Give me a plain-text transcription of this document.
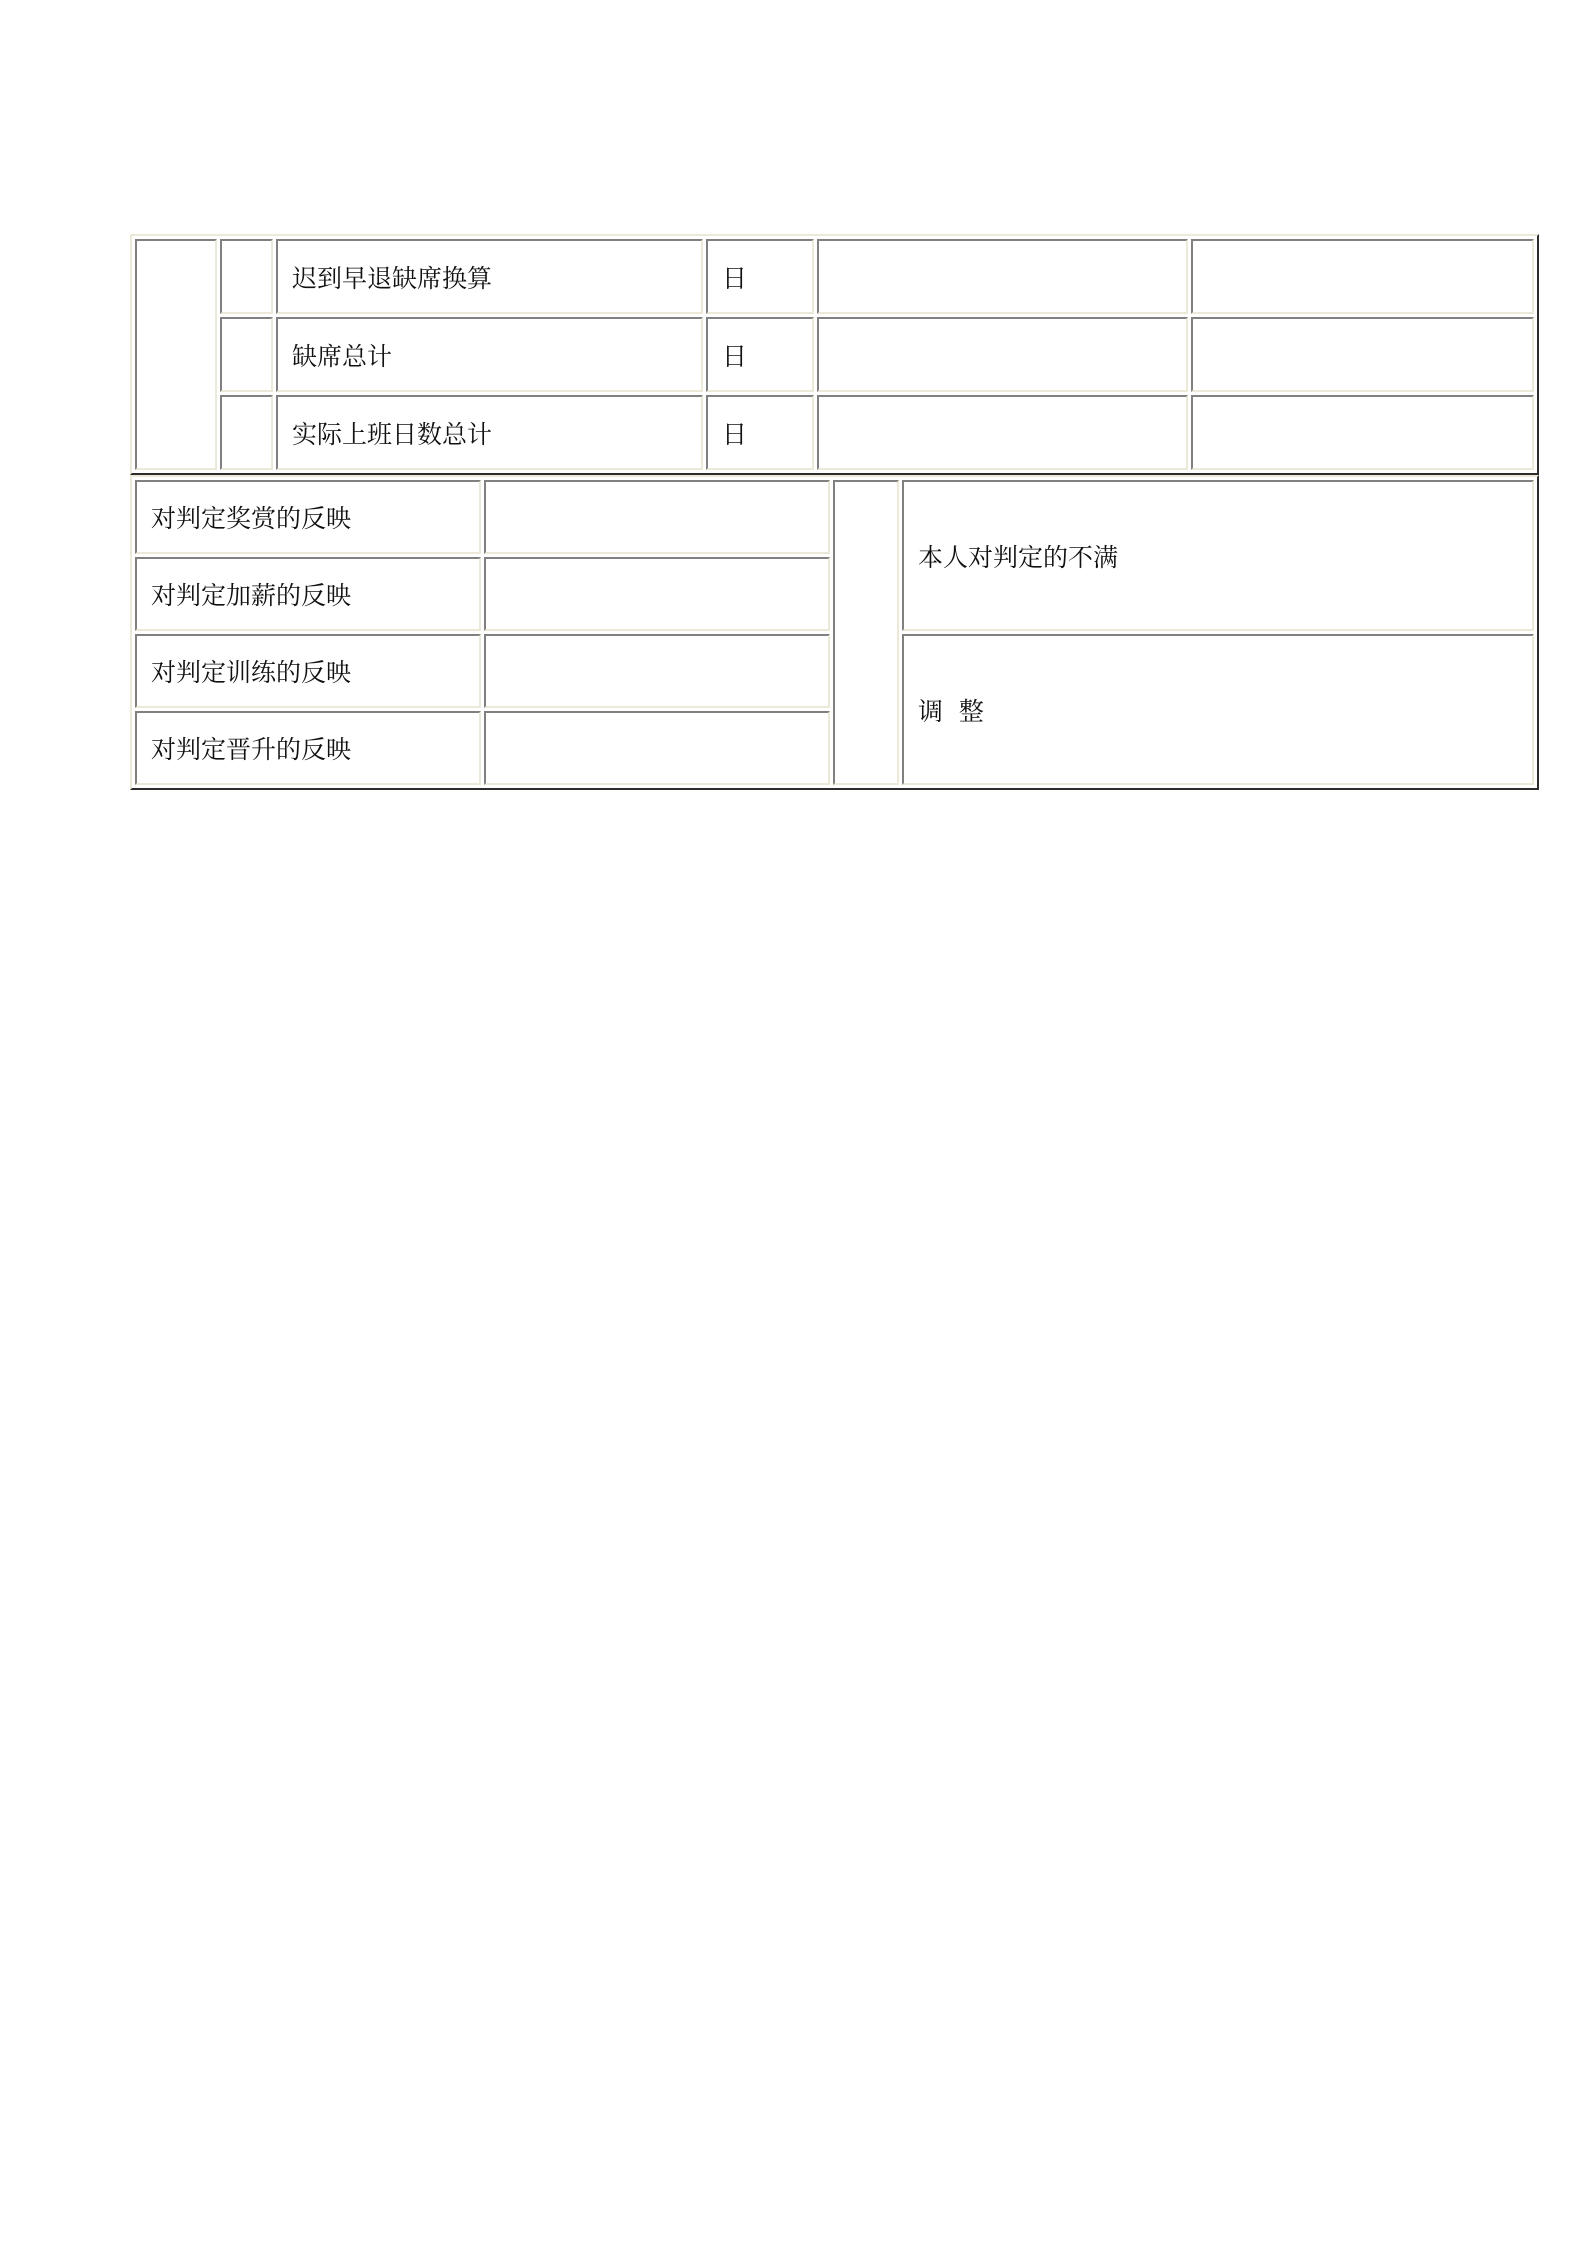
		迟到早退缺席换算	日		
		缺席总计	日		
		实际上班日数总计	日		
对判定奖赏的反映			本人对判定的不满
对判定加薪的反映			
对判定训练的反映			调  整
对判定晋升的反映			
